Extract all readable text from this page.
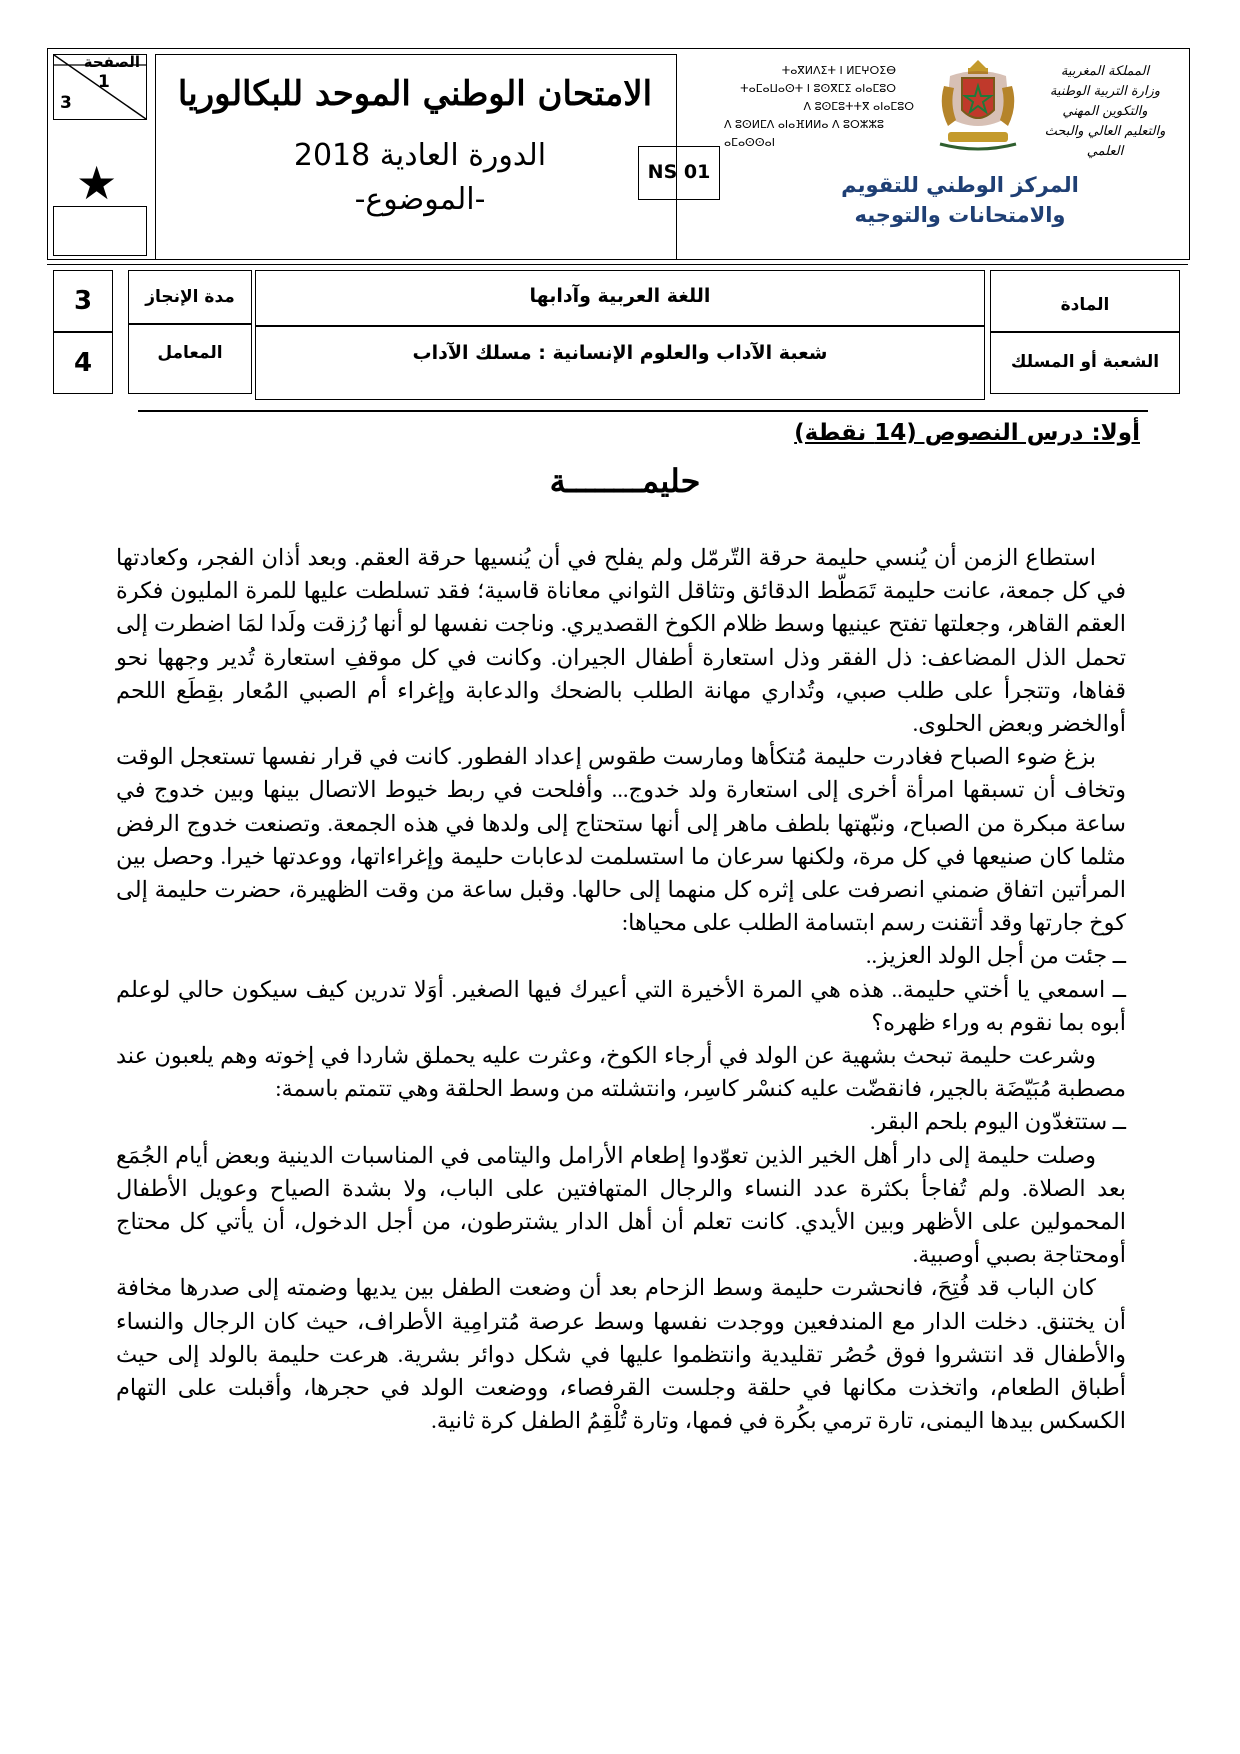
الصفحة
1
3
★
الامتحان الوطني الموحد للبكالوريا
الدورة العادية 2018
-الموضوع-
NS 01
ⵜⴰⴳⵍⴷⵉⵜ ⵏ ⵍⵎⵖⵔⵉⴱ
ⵜⴰⵎⴰⵡⴰⵙⵜ ⵏ ⵓⵙⴳⵎⵉ ⴰⵏⴰⵎⵓⵔ
ⴷ ⵓⵙⵎⵓⵜⵜⴳ ⴰⵏⴰⵎⵓⵔ
ⴷ ⵓⵙⵍⵎⴷ ⴰⵏⴰⴼⵍⵍⴰ ⴷ ⵓⵔⵣⵣⵓ ⴰⵎⴰⵙⵙⴰⵏ
المملكة المغربية
وزارة التربية الوطنية
والتكوين المهني
والتعليم العالي والبحث العلمي
المركز الوطني للتقويم والامتحانات والتوجيه
3
4
مدة الإنجاز
المعامل
اللغة العربية وآدابها
شعبة الآداب والعلوم الإنسانية : مسلك الآداب
المادة
الشعبة أو المسلك
أولا: درس النصوص (14 نقطة)
حليمــــــــة

استطاع الزمن أن يُنسي حليمة حرقة التّرمّل ولم يفلح في أن يُنسيها حرقة العقم. وبعد أذان الفجر، وكعادتها في كل جمعة، عانت حليمة تَمَطّط الدقائق وتثاقل الثواني معاناة قاسية؛ فقد تسلطت عليها للمرة المليون فكرة العقم القاهر، وجعلتها تفتح عينيها وسط ظلام الكوخ القصديري. وناجت نفسها لو أنها رُزقت ولَدا لمَا اضطرت إلى تحمل الذل المضاعف: ذل الفقر وذل استعارة أطفال الجيران. وكانت في كل موقفِ استعارة تُدير وجهها نحو قفاها، وتتجرأ على طلب صبي، وتُداري مهانة الطلب بالضحك والدعابة وإغراء أم الصبي المُعار بقِطَع اللحم أوالخضر وبعض الحلوى.

بزغ ضوء الصباح فغادرت حليمة مُتكأها ومارست طقوس إعداد الفطور. كانت في قرار نفسها تستعجل الوقت وتخاف أن تسبقها امرأة أخرى إلى استعارة ولد خدوج... وأفلحت في ربط خيوط الاتصال بينها وبين خدوج في ساعة مبكرة من الصباح، ونبّهتها بلطف ماهر إلى أنها ستحتاج إلى ولدها في هذه الجمعة. وتصنعت خدوج الرفض مثلما كان صنيعها في كل مرة، ولكنها سرعان ما استسلمت لدعابات حليمة وإغراءاتها، ووعدتها خيرا. وحصل بين المرأتين اتفاق ضمني انصرفت على إثره كل منهما إلى حالها. وقبل ساعة من وقت الظهيرة، حضرت حليمة إلى كوخ جارتها وقد أتقنت رسم ابتسامة الطلب على محياها:

ــ جئت من أجل الولد العزيز..

ــ اسمعي يا أختي حليمة.. هذه هي المرة الأخيرة التي أعيرك فيها الصغير. أوَلا تدرين كيف سيكون حالي لوعلم أبوه بما نقوم به وراء ظهره؟

وشرعت حليمة تبحث بشهية عن الولد في أرجاء الكوخ، وعثرت عليه يحملق شاردا في إخوته وهم يلعبون عند مصطبة مُبَيّضَة بالجير، فانقضّت عليه كنسْر كاسِر، وانتشلته من وسط الحلقة وهي تتمتم باسمة:

ــ ستتغدّون اليوم بلحم البقر.

وصلت حليمة إلى دار أهل الخير الذين تعوّدوا إطعام الأرامل واليتامى في المناسبات الدينية وبعض أيام الجُمَع بعد الصلاة. ولم تُفاجأ بكثرة عدد النساء والرجال المتهافتين على الباب، ولا بشدة الصياح وعويل الأطفال المحمولين على الأظهر وبين الأيدي. كانت تعلم أن أهل الدار يشترطون، من أجل الدخول، أن يأتي كل محتاج أومحتاجة بصبي أوصبية.

كان الباب قد فُتِحَ، فانحشرت حليمة وسط الزحام بعد أن وضعت الطفل بين يديها وضمته إلى صدرها مخافة أن يختنق. دخلت الدار مع المندفعين ووجدت نفسها وسط عرصة مُترامِية الأطراف، حيث كان الرجال والنساء والأطفال قد انتشروا فوق حُصُر تقليدية وانتظموا عليها في شكل دوائر بشرية. هرعت حليمة بالولد إلى حيث أطباق الطعام، واتخذت مكانها في حلقة وجلست القرفصاء، ووضعت الولد في حجرها، وأقبلت على التهام الكسكس بيدها اليمنى، تارة ترمي بكُرة في فمها، وتارة تُلْقِمُ الطفل كرة ثانية.
